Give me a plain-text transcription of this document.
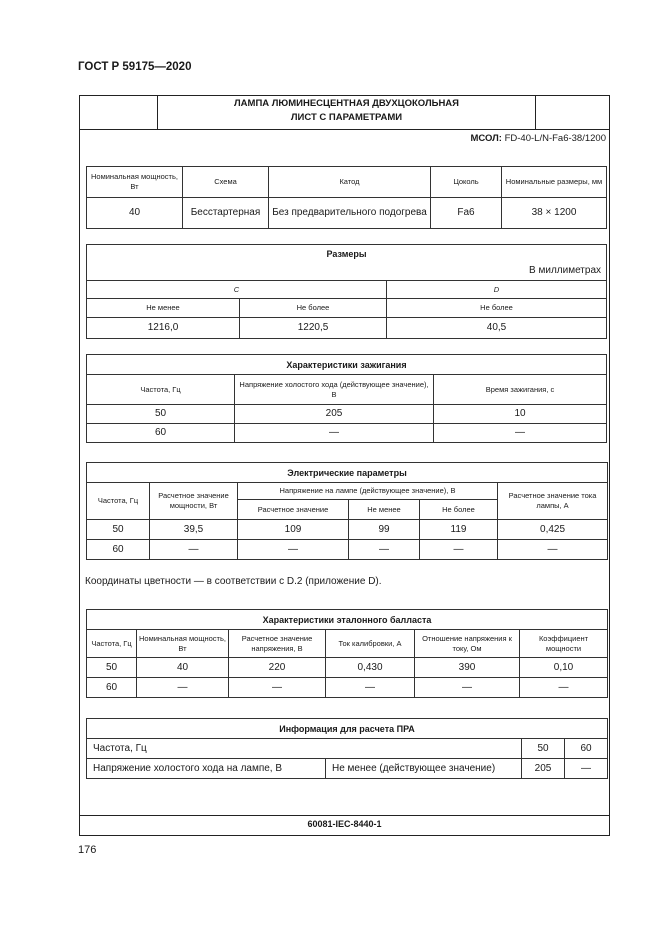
ГОСТ Р 59175—2020
ЛАМПА ЛЮМИНЕСЦЕНТНАЯ ДВУХЦОКОЛЬНАЯ
ЛИСТ С ПАРАМЕТРАМИ
МСОЛ: FD-40-L/N-Fa6-38/1200
Номинальная мощность, Вт	Схема	Катод	Цоколь	Номинальные размеры, мм
40	Бесстартерная	Без предварительного подогрева	Fa6	38 × 1200
Размеры		
В миллиметрах		
C		D
Не менее	Не более	Не более
1216,0	1220,5	40,5
Характеристики зажигания		
Частота, Гц	Напряжение холостого хода (действующее значение), В	Время зажигания, с
50	205	10
60	—	—
Электрические параметры					
Частота, Гц	Расчетное значение мощности, Вт	Напряжение на лампе (действующее значение), В			Расчетное значение тока лампы, А
		Расчетное значение	Не менее	Не более	
50	39,5	109	99	119	0,425
60	—	—	—	—	—
Координаты цветности — в соответствии с D.2 (приложение D).
Характеристики эталонного балласта					
Частота, Гц	Номинальная мощность, Вт	Расчетное значение напряжения, В	Ток калибровки, А	Отношение напряжения к току, Ом	Коэффициент мощности
50	40	220	0,430	390	0,10
60	—	—	—	—	—
Информация для расчета ПРА			
Частота, Гц		50	60
Напряжение холостого хода на лампе, В	Не менее (действующее значение)	205	—
60081-IEC-8440-1
176
